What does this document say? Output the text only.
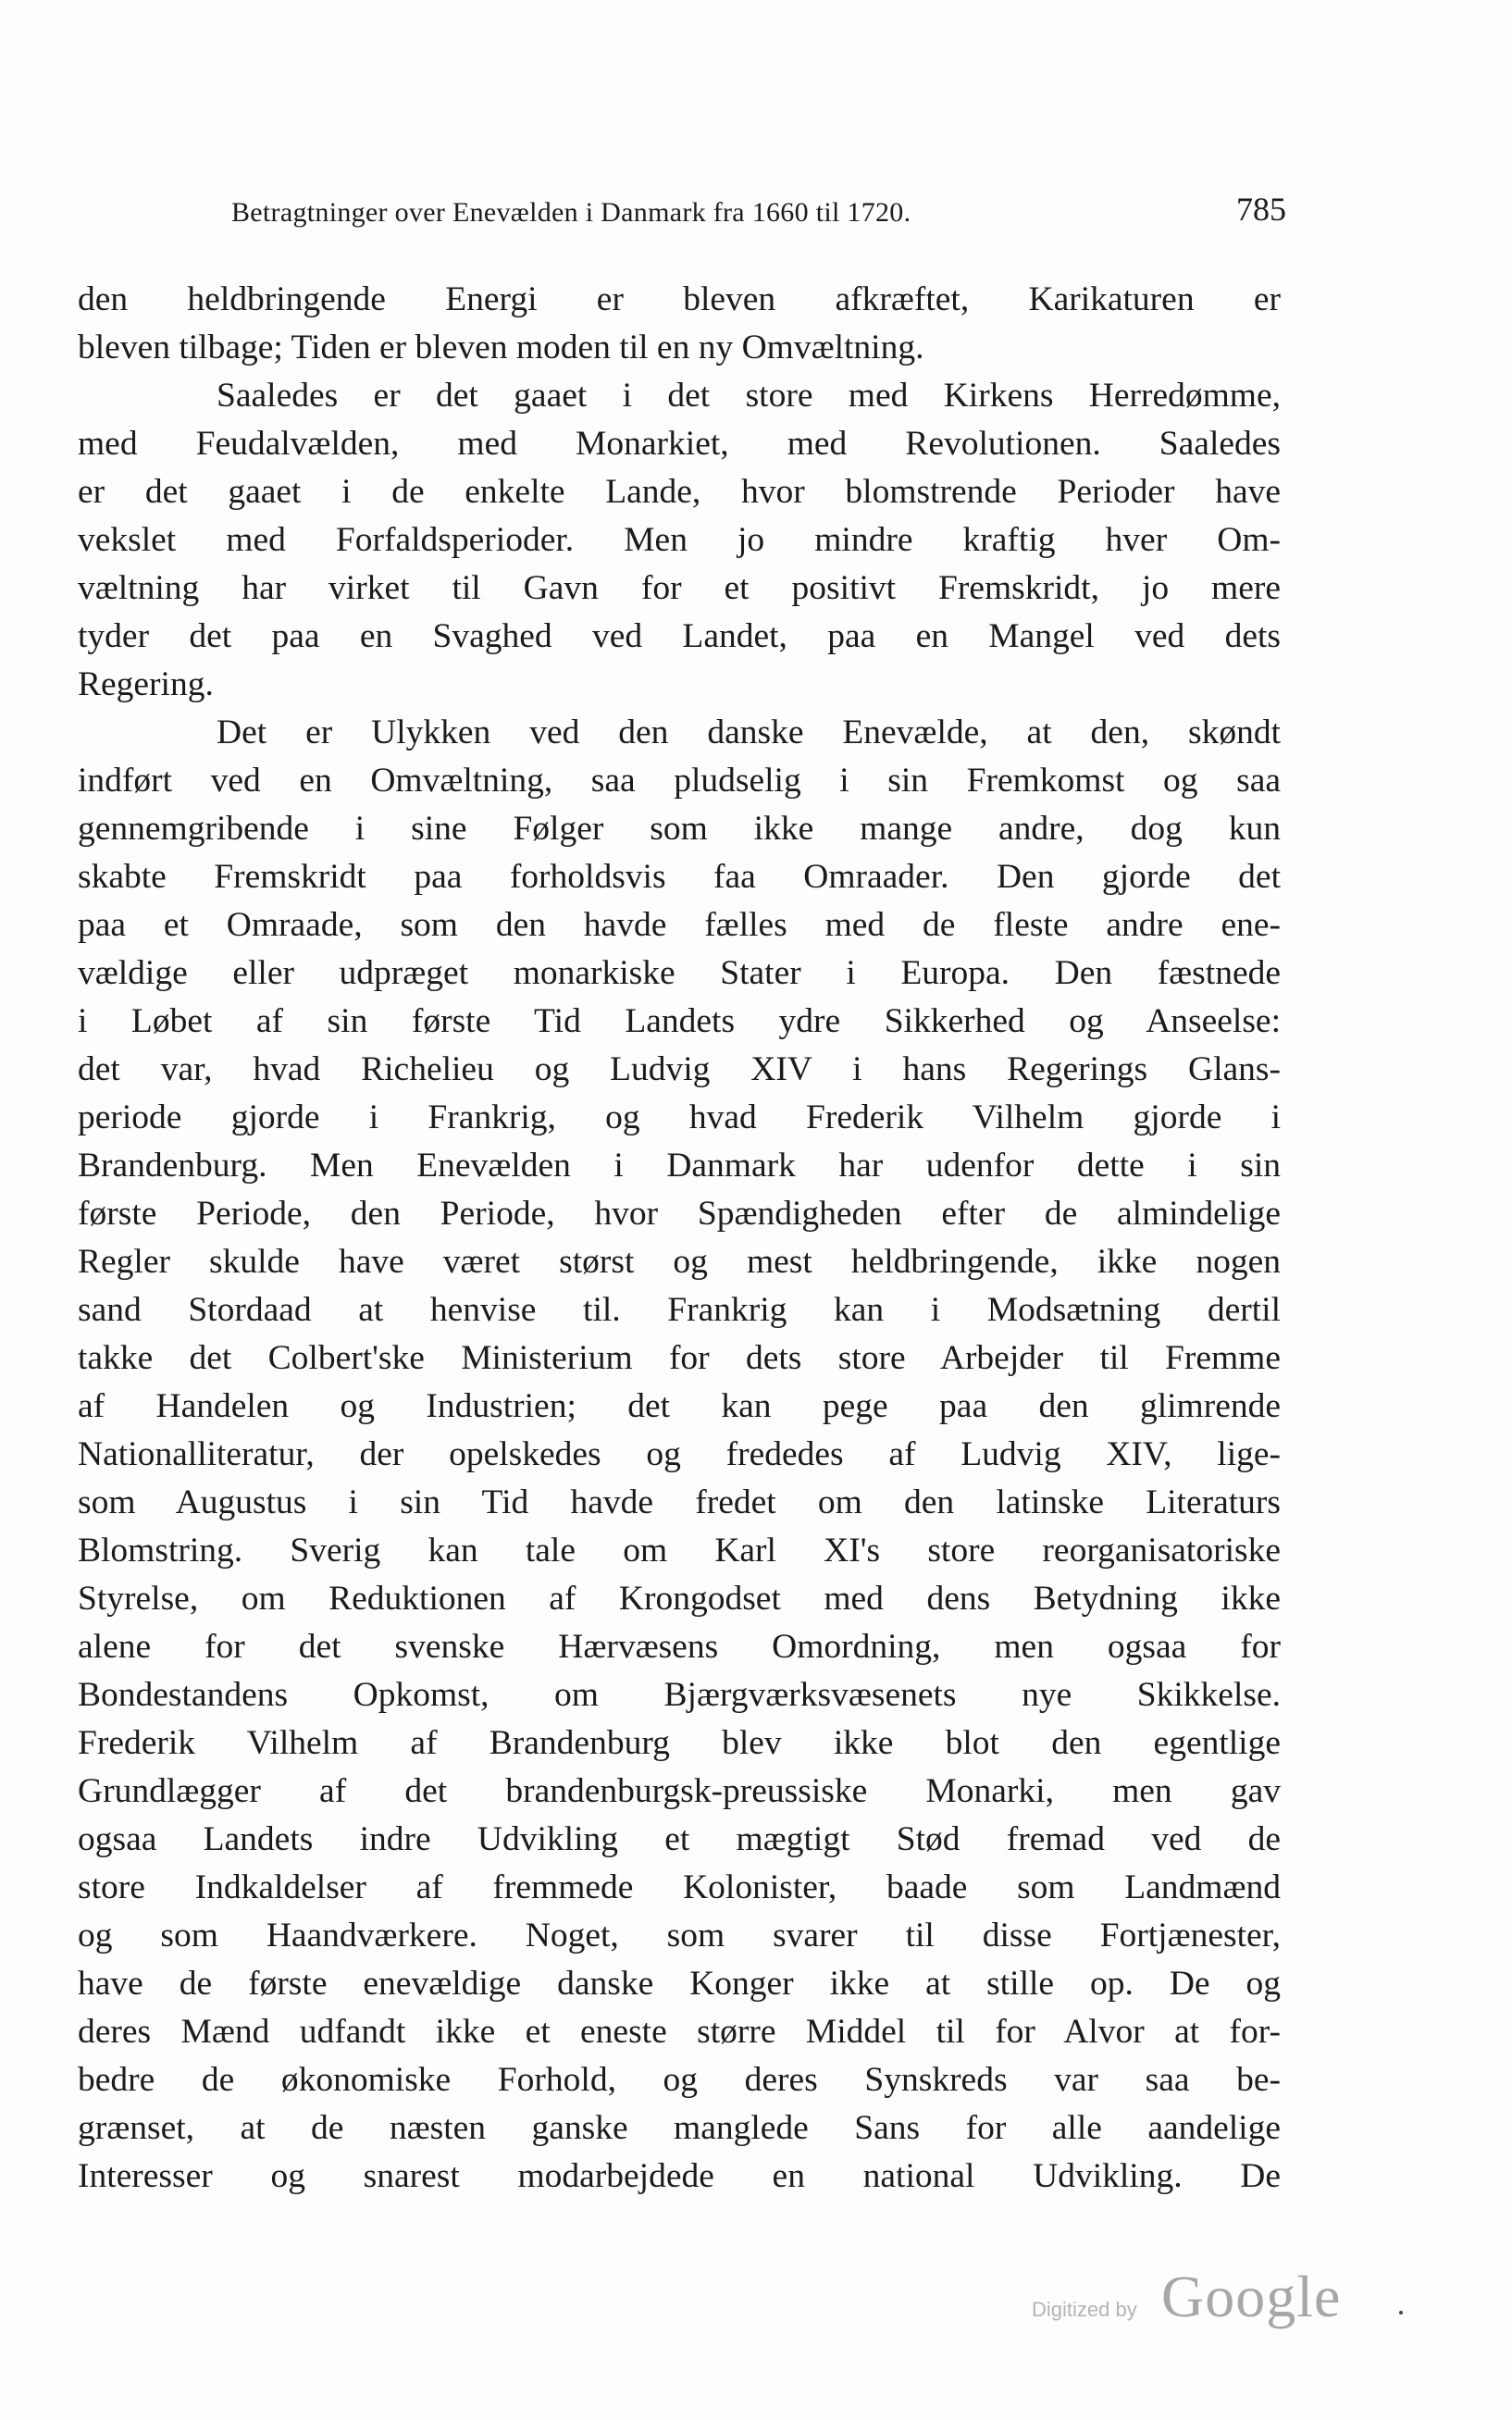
Betragtninger over Enevælden i Danmark fra 1660 til 1720.	785
den heldbringende Energi er bleven afkræftet, Karikaturen er
bleven tilbage; Tiden er bleven moden til en ny Omvæltning.
Saaledes er det gaaet i det store med Kirkens Herredømme,
med Feudalvælden, med Monarkiet, med Revolutionen. Saaledes
er det gaaet i de enkelte Lande, hvor blomstrende Perioder have
vekslet med Forfaldsperioder. Men jo mindre kraftig hver Om-
væltning har virket til Gavn for et positivt Fremskridt, jo mere
tyder det paa en Svaghed ved Landet, paa en Mangel ved dets
Regering.
Det er Ulykken ved den danske Enevælde, at den, skøndt
indført ved en Omvæltning, saa pludselig i sin Fremkomst og saa
gennemgribende i sine Følger som ikke mange andre, dog kun
skabte Fremskridt paa forholdsvis faa Omraader. Den gjorde det
paa et Omraade, som den havde fælles med de fleste andre ene-
vældige eller udpræget monarkiske Stater i Europa. Den fæstnede
i Løbet af sin første Tid Landets ydre Sikkerhed og Anseelse:
det var, hvad Richelieu og Ludvig XIV i hans Regerings Glans-
periode gjorde i Frankrig, og hvad Frederik Vilhelm gjorde i
Brandenburg. Men Enevælden i Danmark har udenfor dette i sin
første Periode, den Periode, hvor Spændigheden efter de almindelige
Regler skulde have været størst og mest heldbringende, ikke nogen
sand Stordaad at henvise til. Frankrig kan i Modsætning dertil
takke det Colbert'ske Ministerium for dets store Arbejder til Fremme
af Handelen og Industrien; det kan pege paa den glimrende
Nationalliteratur, der opelskedes og frededes af Ludvig XIV, lige-
som Augustus i sin Tid havde fredet om den latinske Literaturs
Blomstring. Sverig kan tale om Karl XI's store reorganisatoriske
Styrelse, om Reduktionen af Krongodset med dens Betydning ikke
alene for det svenske Hærvæsens Omordning, men ogsaa for
Bondestandens Opkomst, om Bjærgværksvæsenets nye Skikkelse.
Frederik Vilhelm af Brandenburg blev ikke blot den egentlige
Grundlægger af det brandenburgsk-preussiske Monarki, men gav
ogsaa Landets indre Udvikling et mægtigt Stød fremad ved de
store Indkaldelser af fremmede Kolonister, baade som Landmænd
og som Haandværkere. Noget, som svarer til disse Fortjænester,
have de første enevældige danske Konger ikke at stille op. De og
deres Mænd udfandt ikke et eneste større Middel til for Alvor at for-
bedre de økonomiske Forhold, og deres Synskreds var saa be-
grænset, at de næsten ganske manglede Sans for alle aandelige
Interesser og snarest modarbejdede en national Udvikling. De
Digitized by Google
